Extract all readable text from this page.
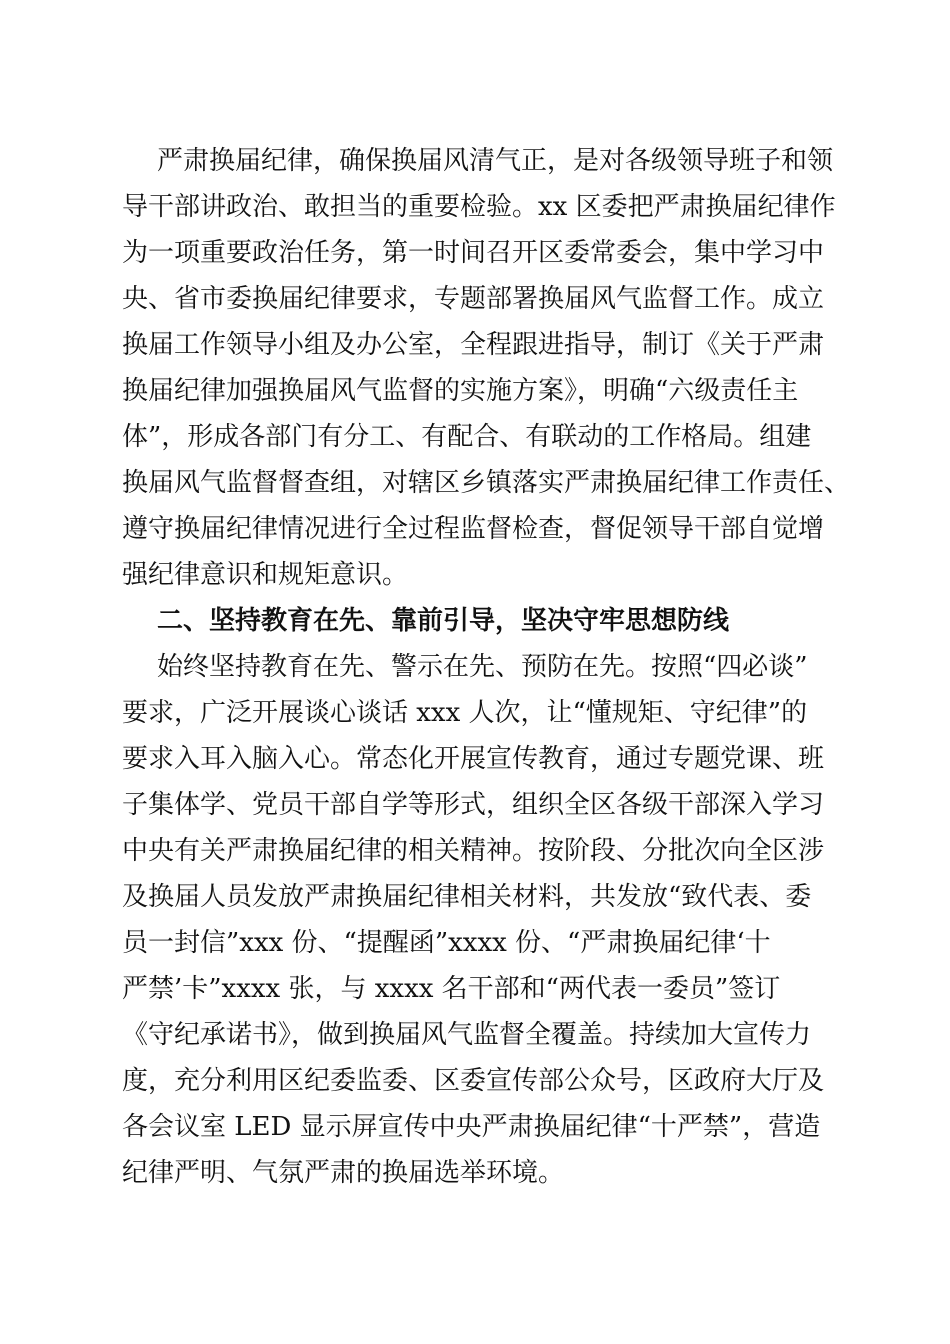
严肃换届纪律，确保换届风清气正，是对各级领导班子和领
导干部讲政治、敢担当的重要检验。xx 区委把严肃换届纪律作
为一项重要政治任务，第一时间召开区委常委会，集中学习中
央、省市委换届纪律要求，专题部署换届风气监督工作。成立
换届工作领导小组及办公室，全程跟进指导，制订《关于严肃
换届纪律加强换届风气监督的实施方案》，明确“六级责任主
体”，形成各部门有分工、有配合、有联动的工作格局。组建
换届风气监督督查组，对辖区乡镇落实严肃换届纪律工作责任、
遵守换届纪律情况进行全过程监督检查，督促领导干部自觉增
强纪律意识和规矩意识。
二、坚持教育在先、靠前引导，坚决守牢思想防线
始终坚持教育在先、警示在先、预防在先。按照“四必谈”
要求，广泛开展谈心谈话 xxx 人次，让“懂规矩、守纪律”的
要求入耳入脑入心。常态化开展宣传教育，通过专题党课、班
子集体学、党员干部自学等形式，组织全区各级干部深入学习
中央有关严肃换届纪律的相关精神。按阶段、分批次向全区涉
及换届人员发放严肃换届纪律相关材料，共发放“致代表、委
员一封信”xxx 份、“提醒函”xxxx 份、“严肃换届纪律‘十
严禁’卡”xxxx 张，与 xxxx 名干部和“两代表一委员”签订
《守纪承诺书》，做到换届风气监督全覆盖。持续加大宣传力
度，充分利用区纪委监委、区委宣传部公众号，区政府大厅及
各会议室 LED 显示屏宣传中央严肃换届纪律“十严禁”，营造
纪律严明、气氛严肃的换届选举环境。
